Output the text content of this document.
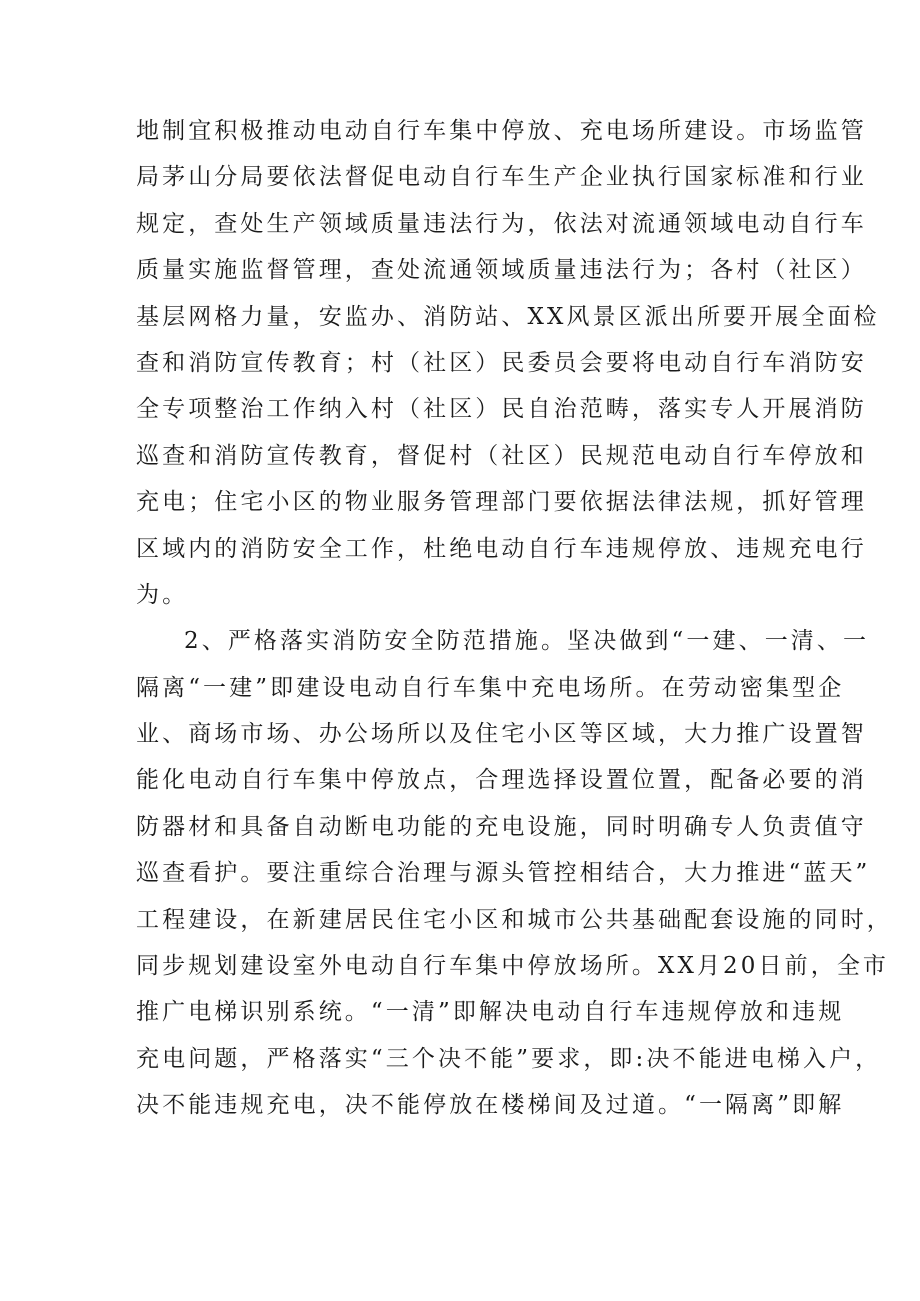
地制宜积极推动电动自行车集中停放、充电场所建设。市场监管
局茅山分局要依法督促电动自行车生产企业执行国家标准和行业
规定，查处生产领域质量违法行为，依法对流通领域电动自行车
质量实施监督管理，查处流通领域质量违法行为；各村（社区）
基层网格力量，安监办、消防站、XX风景区派出所要开展全面检
查和消防宣传教育；村（社区）民委员会要将电动自行车消防安
全专项整治工作纳入村（社区）民自治范畴，落实专人开展消防
巡查和消防宣传教育，督促村（社区）民规范电动自行车停放和
充电；住宅小区的物业服务管理部门要依据法律法规，抓好管理
区域内的消防安全工作，杜绝电动自行车违规停放、违规充电行
为。
2、严格落实消防安全防范措施。坚决做到“一建、一清、一
隔离“一建”即建设电动自行车集中充电场所。在劳动密集型企
业、商场市场、办公场所以及住宅小区等区域，大力推广设置智
能化电动自行车集中停放点，合理选择设置位置，配备必要的消
防器材和具备自动断电功能的充电设施，同时明确专人负责值守
巡查看护。要注重综合治理与源头管控相结合，大力推进“蓝天”
工程建设，在新建居民住宅小区和城市公共基础配套设施的同时，
同步规划建设室外电动自行车集中停放场所。XX月20日前，全市
推广电梯识别系统。“一清”即解决电动自行车违规停放和违规
充电问题，严格落实“三个决不能”要求，即:决不能进电梯入户，
决不能违规充电，决不能停放在楼梯间及过道。“一隔离”即解
